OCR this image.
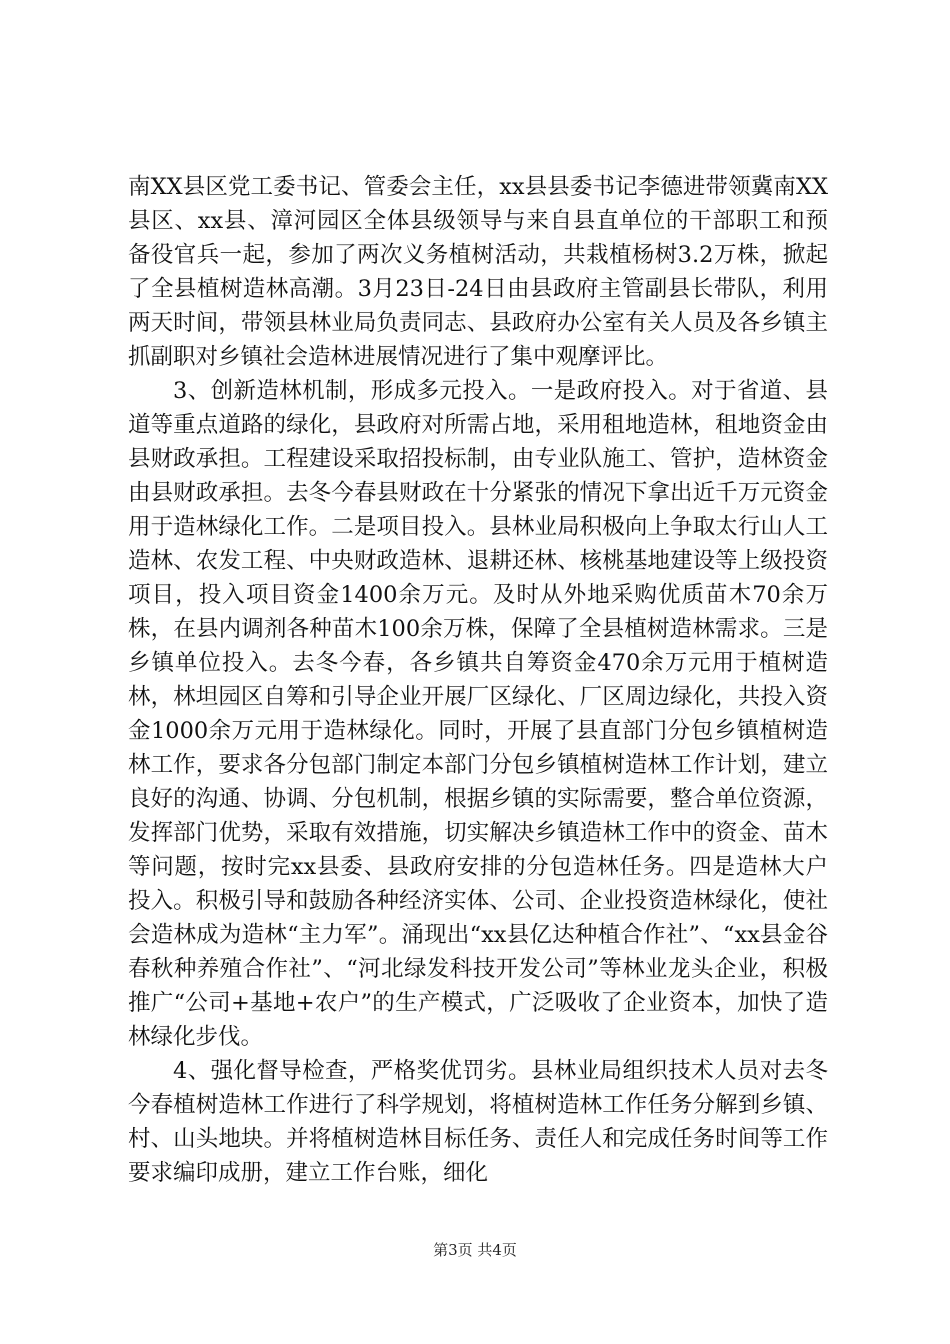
南XX县区党工委书记、管委会主任，xx县县委书记李德进带领冀南XX县区、xx县、漳河园区全体县级领导与来自县直单位的干部职工和预备役官兵一起，参加了两次义务植树活动，共栽植杨树3.2万株，掀起了全县植树造林高潮。3月23日-24日由县政府主管副县长带队，利用两天时间，带领县林业局负责同志、县政府办公室有关人员及各乡镇主抓副职对乡镇社会造林进展情况进行了集中观摩评比。

3、创新造林机制，形成多元投入。一是政府投入。对于省道、县道等重点道路的绿化，县政府对所需占地，采用租地造林，租地资金由县财政承担。工程建设采取招投标制，由专业队施工、管护，造林资金由县财政承担。去冬今春县财政在十分紧张的情况下拿出近千万元资金用于造林绿化工作。二是项目投入。县林业局积极向上争取太行山人工造林、农发工程、中央财政造林、退耕还林、核桃基地建设等上级投资项目，投入项目资金1400余万元。及时从外地采购优质苗木70余万株，在县内调剂各种苗木100余万株，保障了全县植树造林需求。三是乡镇单位投入。去冬今春，各乡镇共自筹资金470余万元用于植树造林，林坦园区自筹和引导企业开展厂区绿化、厂区周边绿化，共投入资金1000余万元用于造林绿化。同时，开展了县直部门分包乡镇植树造林工作，要求各分包部门制定本部门分包乡镇植树造林工作计划，建立良好的沟通、协调、分包机制，根据乡镇的实际需要，整合单位资源，发挥部门优势，采取有效措施，切实解决乡镇造林工作中的资金、苗木等问题，按时完xx县委、县政府安排的分包造林任务。四是造林大户投入。积极引导和鼓励各种经济实体、公司、企业投资造林绿化，使社会造林成为造林“主力军”。涌现出“xx县亿达种植合作社”、“xx县金谷春秋种养殖合作社”、“河北绿发科技开发公司”等林业龙头企业，积极推广“公司+基地+农户”的生产模式，广泛吸收了企业资本，加快了造林绿化步伐。

4、强化督导检查，严格奖优罚劣。县林业局组织技术人员对去冬今春植树造林工作进行了科学规划，将植树造林工作任务分解到乡镇、村、山头地块。并将植树造林目标任务、责任人和完成任务时间等工作要求编印成册，建立工作台账，细化

第3页 共4页
